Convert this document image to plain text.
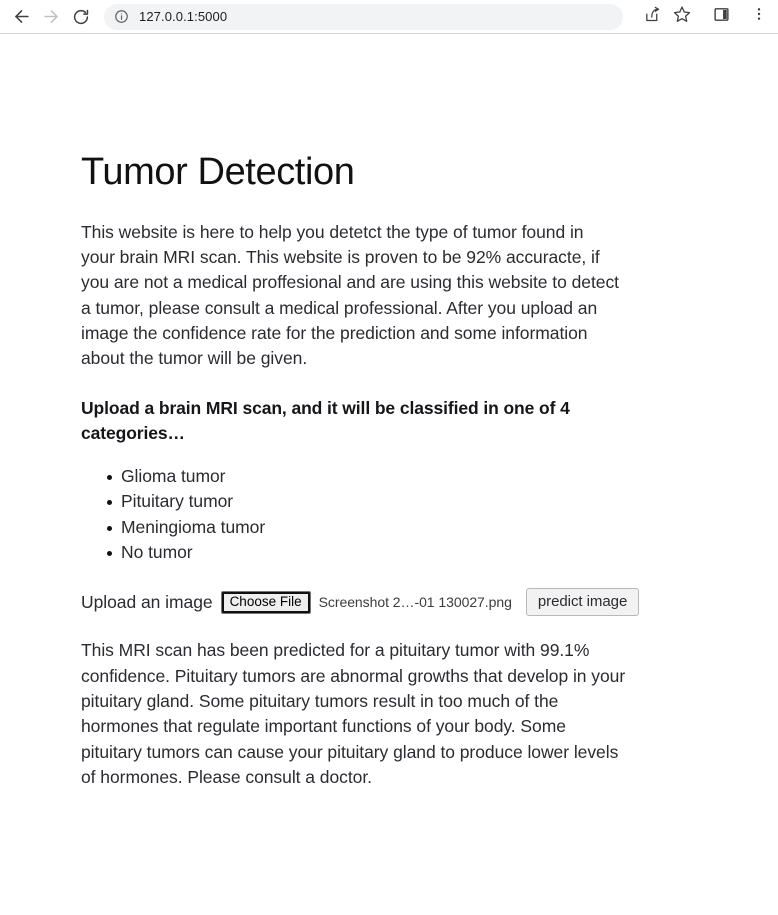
127.0.0.1:5000
Tumor Detection

This website is here to help you detetct the type of tumor found in your brain MRI scan. This website is proven to be 92% accuracte, if you are not a medical proffesional and are using this website to detect a tumor, please consult a medical professional. After you upload an image the confidence rate for the prediction and some information about the tumor will be given.

Upload a brain MRI scan, and it will be classified in one of 4 categories…

Glioma tumor
Pituitary tumor
Meningioma tumor
No tumor
Upload an image	Choose File	Screenshot 2…-01 130027.png	predict image

This MRI scan has been predicted for a pituitary tumor with 99.1% confidence. Pituitary tumors are abnormal growths that develop in your pituitary gland. Some pituitary tumors result in too much of the hormones that regulate important functions of your body. Some pituitary tumors can cause your pituitary gland to produce lower levels of hormones. Please consult a doctor.
